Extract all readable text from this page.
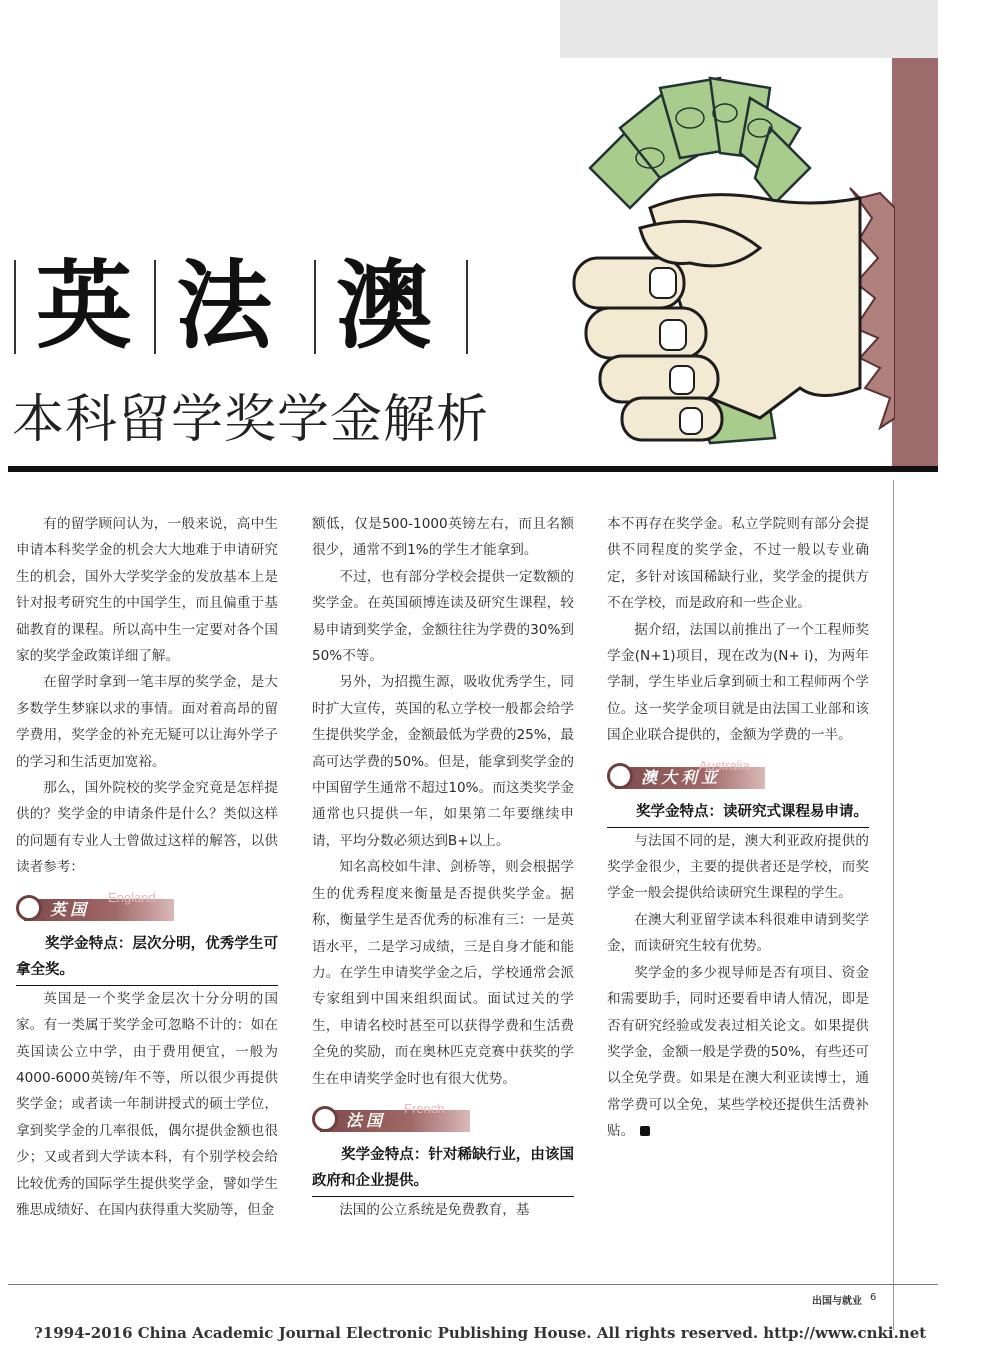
英 法 澳
本科留学奖学金解析

有的留学顾问认为，一般来说，高中生申请本科奖学金的机会大大地难于申请研究生的机会，国外大学奖学金的发放基本上是针对报考研究生的中国学生，而且偏重于基础教育的课程。所以高中生一定要对各个国家的奖学金政策详细了解。

在留学时拿到一笔丰厚的奖学金，是大多数学生梦寐以求的事情。面对着高昂的留学费用，奖学金的补充无疑可以让海外学子的学习和生活更加宽裕。

那么，国外院校的奖学金究竟是怎样提供的？奖学金的申请条件是什么？类似这样的问题有专业人士曾做过这样的解答，以供读者参考：

英国
England

奖学金特点：层次分明，优秀学生可拿全奖。

英国是一个奖学金层次十分分明的国家。有一类属于奖学金可忽略不计的：如在英国读公立中学，由于费用便宜，一般为4000-6000英镑/年不等，所以很少再提供奖学金；或者读一年制讲授式的硕士学位，拿到奖学金的几率很低，偶尔提供金额也很少；又或者到大学读本科，有个别学校会给比较优秀的国际学生提供奖学金，譬如学生雅思成绩好、在国内获得重大奖励等，但金

额低，仅是500-1000英镑左右，而且名额很少，通常不到1%的学生才能拿到。

不过，也有部分学校会提供一定数额的奖学金。在英国硕博连读及研究生课程，较易申请到奖学金，金额往往为学费的30%到50%不等。

另外，为招揽生源，吸收优秀学生，同时扩大宣传，英国的私立学校一般都会给学生提供奖学金，金额最低为学费的25%，最高可达学费的50%。但是，能拿到奖学金的中国留学生通常不超过10%。而这类奖学金通常也只提供一年，如果第二年要继续申请，平均分数必须达到B+以上。

知名高校如牛津、剑桥等，则会根据学生的优秀程度来衡量是否提供奖学金。据称，衡量学生是否优秀的标准有三：一是英语水平，二是学习成绩，三是自身才能和能力。在学生申请奖学金之后，学校通常会派专家组到中国来组织面试。面试过关的学生，申请名校时甚至可以获得学费和生活费全免的奖励，而在奥林匹克竞赛中获奖的学生在申请奖学金时也有很大优势。

法国
French

奖学金特点：针对稀缺行业，由该国政府和企业提供。

法国的公立系统是免费教育，基

本不再存在奖学金。私立学院则有部分会提供不同程度的奖学金，不过一般以专业确定，多针对该国稀缺行业，奖学金的提供方不在学校，而是政府和一些企业。

据介绍，法国以前推出了一个工程师奖学金(N+1)项目，现在改为(N+ i)，为两年学制，学生毕业后拿到硕士和工程师两个学位。这一奖学金项目就是由法国工业部和该国企业联合提供的，金额为学费的一半。

澳大利亚
Australia

奖学金特点：读研究式课程易申请。

与法国不同的是，澳大利亚政府提供的奖学金很少，主要的提供者还是学校，而奖学金一般会提供给读研究生课程的学生。

在澳大利亚留学读本科很难申请到奖学金，而读研究生较有优势。

奖学金的多少视导师是否有项目、资金和需要助手，同时还要看申请人情况，即是否有研究经验或发表过相关论文。如果提供奖学金，金额一般是学费的50%，有些还可以全免学费。如果是在澳大利亚读博士，通常学费可以全免，某些学校还提供生活费补贴。

出国与就业 6
?1994-2016 China Academic Journal Electronic Publishing House. All rights reserved. http://www.cnki.net
